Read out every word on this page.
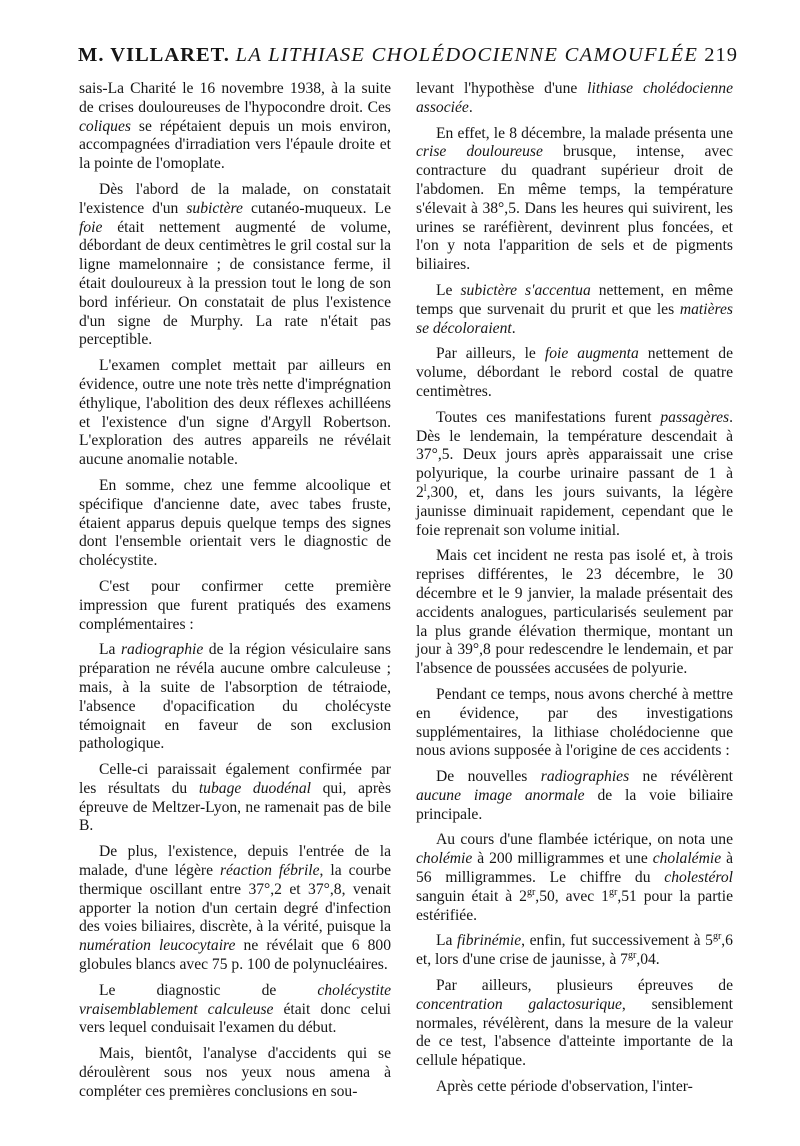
M. VILLARET. LA LITHIASE CHOLÉDOCIENNE CAMOUFLÉE 219

sais-La Charité le 16 novembre 1938, à la suite de crises douloureuses de l'hypocondre droit. Ces coliques se répétaient depuis un mois environ, accompagnées d'irradiation vers l'épaule droite et la pointe de l'omoplate.

Dès l'abord de la malade, on constatait l'existence d'un subictère cutanéo-muqueux. Le foie était nettement augmenté de volume, débordant de deux centimètres le gril costal sur la ligne mamelonnaire ; de consistance ferme, il était douloureux à la pression tout le long de son bord inférieur. On constatait de plus l'existence d'un signe de Murphy. La rate n'était pas perceptible.

L'examen complet mettait par ailleurs en évidence, outre une note très nette d'imprégnation éthylique, l'abolition des deux réflexes achilléens et l'existence d'un signe d'Argyll Robertson. L'exploration des autres appareils ne révélait aucune anomalie notable.

En somme, chez une femme alcoolique et spécifique d'ancienne date, avec tabes fruste, étaient apparus depuis quelque temps des signes dont l'ensemble orientait vers le diagnostic de cholécystite.

C'est pour confirmer cette première impression que furent pratiqués des examens complémentaires :

La radiographie de la région vésiculaire sans préparation ne révéla aucune ombre calculeuse ; mais, à la suite de l'absorption de tétraiode, l'absence d'opacification du cholécyste témoignait en faveur de son exclusion pathologique.

Celle-ci paraissait également confirmée par les résultats du tubage duodénal qui, après épreuve de Meltzer-Lyon, ne ramenait pas de bile B.

De plus, l'existence, depuis l'entrée de la malade, d'une légère réaction fébrile, la courbe thermique oscillant entre 37°,2 et 37°,8, venait apporter la notion d'un certain degré d'infection des voies biliaires, discrète, à la vérité, puisque la numération leucocytaire ne révélait que 6 800 globules blancs avec 75 p. 100 de polynucléaires.

Le diagnostic de cholécystite vraisemblablement calculeuse était donc celui vers lequel conduisait l'examen du début.

Mais, bientôt, l'analyse d'accidents qui se déroulèrent sous nos yeux nous amena à compléter ces premières conclusions en sou-

levant l'hypothèse d'une lithiase cholédocienne associée.

En effet, le 8 décembre, la malade présenta une crise douloureuse brusque, intense, avec contracture du quadrant supérieur droit de l'abdomen. En même temps, la température s'élevait à 38°,5. Dans les heures qui suivirent, les urines se raréfièrent, devinrent plus foncées, et l'on y nota l'apparition de sels et de pigments biliaires.

Le subictère s'accentua nettement, en même temps que survenait du prurit et que les matières se décoloraient.

Par ailleurs, le foie augmenta nettement de volume, débordant le rebord costal de quatre centimètres.

Toutes ces manifestations furent passagères. Dès le lendemain, la température descendait à 37°,5. Deux jours après apparaissait une crise polyurique, la courbe urinaire passant de 1 à 2$^l$,300, et, dans les jours suivants, la légère jaunisse diminuait rapidement, cependant que le foie reprenait son volume initial.

Mais cet incident ne resta pas isolé et, à trois reprises différentes, le 23 décembre, le 30 décembre et le 9 janvier, la malade présentait des accidents analogues, particularisés seulement par la plus grande élévation thermique, montant un jour à 39°,8 pour redescendre le lendemain, et par l'absence de poussées accusées de polyurie.

Pendant ce temps, nous avons cherché à mettre en évidence, par des investigations supplémentaires, la lithiase cholédocienne que nous avions supposée à l'origine de ces accidents :

De nouvelles radiographies ne révélèrent aucune image anormale de la voie biliaire principale.

Au cours d'une flambée ictérique, on nota une cholémie à 200 milligrammes et une cholalémie à 56 milligrammes. Le chiffre du cholestérol sanguin était à $2^{gr},50$, avec $1^{gr},51$ pour la partie estérifiée.

La fibrinémie, enfin, fut successivement à $5^{gr},6$ et, lors d'une crise de jaunisse, à $7^{gr},04$.

Par ailleurs, plusieurs épreuves de concentration galactosurique, sensiblement normales, révélèrent, dans la mesure de la valeur de ce test, l'absence d'atteinte importante de la cellule hépatique.

Après cette période d'observation, l'inter-
